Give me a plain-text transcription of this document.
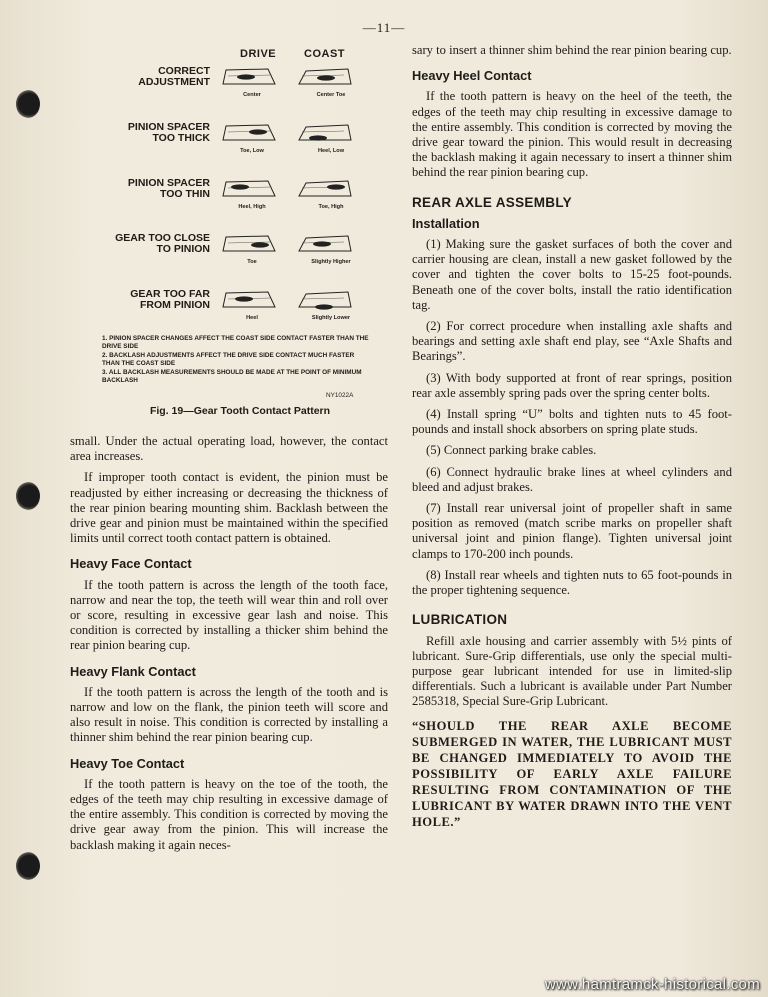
—11—
DRIVE	COAST
CORRECT
ADJUSTMENT
Center	Center Toe
PINION SPACER
TOO THICK
Toe, Low	Heel, Low
PINION SPACER
TOO THIN
Heel, High	Toe, High
GEAR TOO CLOSE
TO PINION
Toe	Slightly Higher
GEAR TOO FAR
FROM PINION
Heel	Slightly Lower
1. PINION SPACER CHANGES AFFECT THE COAST SIDE CONTACT FASTER THAN THE DRIVE SIDE
2. BACKLASH ADJUSTMENTS AFFECT THE DRIVE SIDE CONTACT MUCH FASTER THAN THE COAST SIDE
3. ALL BACKLASH MEASUREMENTS SHOULD BE MADE AT THE POINT OF MINIMUM BACKLASH
NY1022A
Fig. 19—Gear Tooth Contact Pattern

small. Under the actual operating load, however, the contact area increases.

If improper tooth contact is evident, the pinion must be readjusted by either increasing or decreasing the thickness of the rear pinion bearing mounting shim. Backlash between the drive gear and pinion must be maintained within the specified limits until correct tooth contact pattern is obtained.

Heavy Face Contact

If the tooth pattern is across the length of the tooth face, narrow and near the top, the teeth will wear thin and roll over or score, resulting in excessive gear lash and noise. This condition is corrected by installing a thicker shim behind the rear pinion bearing cup.

Heavy Flank Contact

If the tooth pattern is across the length of the tooth and is narrow and low on the flank, the pinion teeth will score and also result in noise. This condition is corrected by installing a thinner shim behind the rear pinion bearing cup.

Heavy Toe Contact

If the tooth pattern is heavy on the toe of the tooth, the edges of the teeth may chip resulting in excessive damage of the entire assembly. This condition is corrected by moving the drive gear away from the pinion. This will increase the backlash making it again neces-

sary to insert a thinner shim behind the rear pinion bearing cup.

Heavy Heel Contact

If the tooth pattern is heavy on the heel of the teeth, the edges of the teeth may chip resulting in excessive damage to the entire assembly. This condition is corrected by moving the drive gear toward the pinion. This would result in decreasing the backlash making it again necessary to insert a thinner shim behind the rear pinion bearing cup.

REAR AXLE ASSEMBLY
Installation

(1) Making sure the gasket surfaces of both the cover and carrier housing are clean, install a new gasket followed by the cover and tighten the cover bolts to 15-25 foot-pounds. Beneath one of the cover bolts, install the ratio identification tag.

(2) For correct procedure when installing axle shafts and bearings and setting axle shaft end play, see “Axle Shafts and Bearings”.

(3) With body supported at front of rear springs, position rear axle assembly spring pads over the spring center bolts.

(4) Install spring “U” bolts and tighten nuts to 45 foot-pounds and install shock absorbers on spring plate studs.

(5) Connect parking brake cables.

(6) Connect hydraulic brake lines at wheel cylinders and bleed and adjust brakes.

(7) Install rear universal joint of propeller shaft in same position as removed (match scribe marks on propeller shaft universal joint and pinion flange). Tighten universal joint clamps to 170-200 inch pounds.

(8) Install rear wheels and tighten nuts to 65 foot-pounds in the proper tightening sequence.

LUBRICATION

Refill axle housing and carrier assembly with 5½ pints of lubricant. Sure-Grip differentials, use only the special multi-purpose gear lubricant intended for use in limited-slip differentials. Such a lubricant is available under Part Number 2585318, Special Sure-Grip Lubricant.

“SHOULD THE REAR AXLE BECOME SUBMERGED IN WATER, THE LUBRICANT MUST BE CHANGED IMMEDIATELY TO AVOID THE POSSIBILITY OF EARLY AXLE FAILURE RESULTING FROM CONTAMINATION OF THE LUBRICANT BY WATER DRAWN INTO THE VENT HOLE.”
www.hamtramck-historical.com
